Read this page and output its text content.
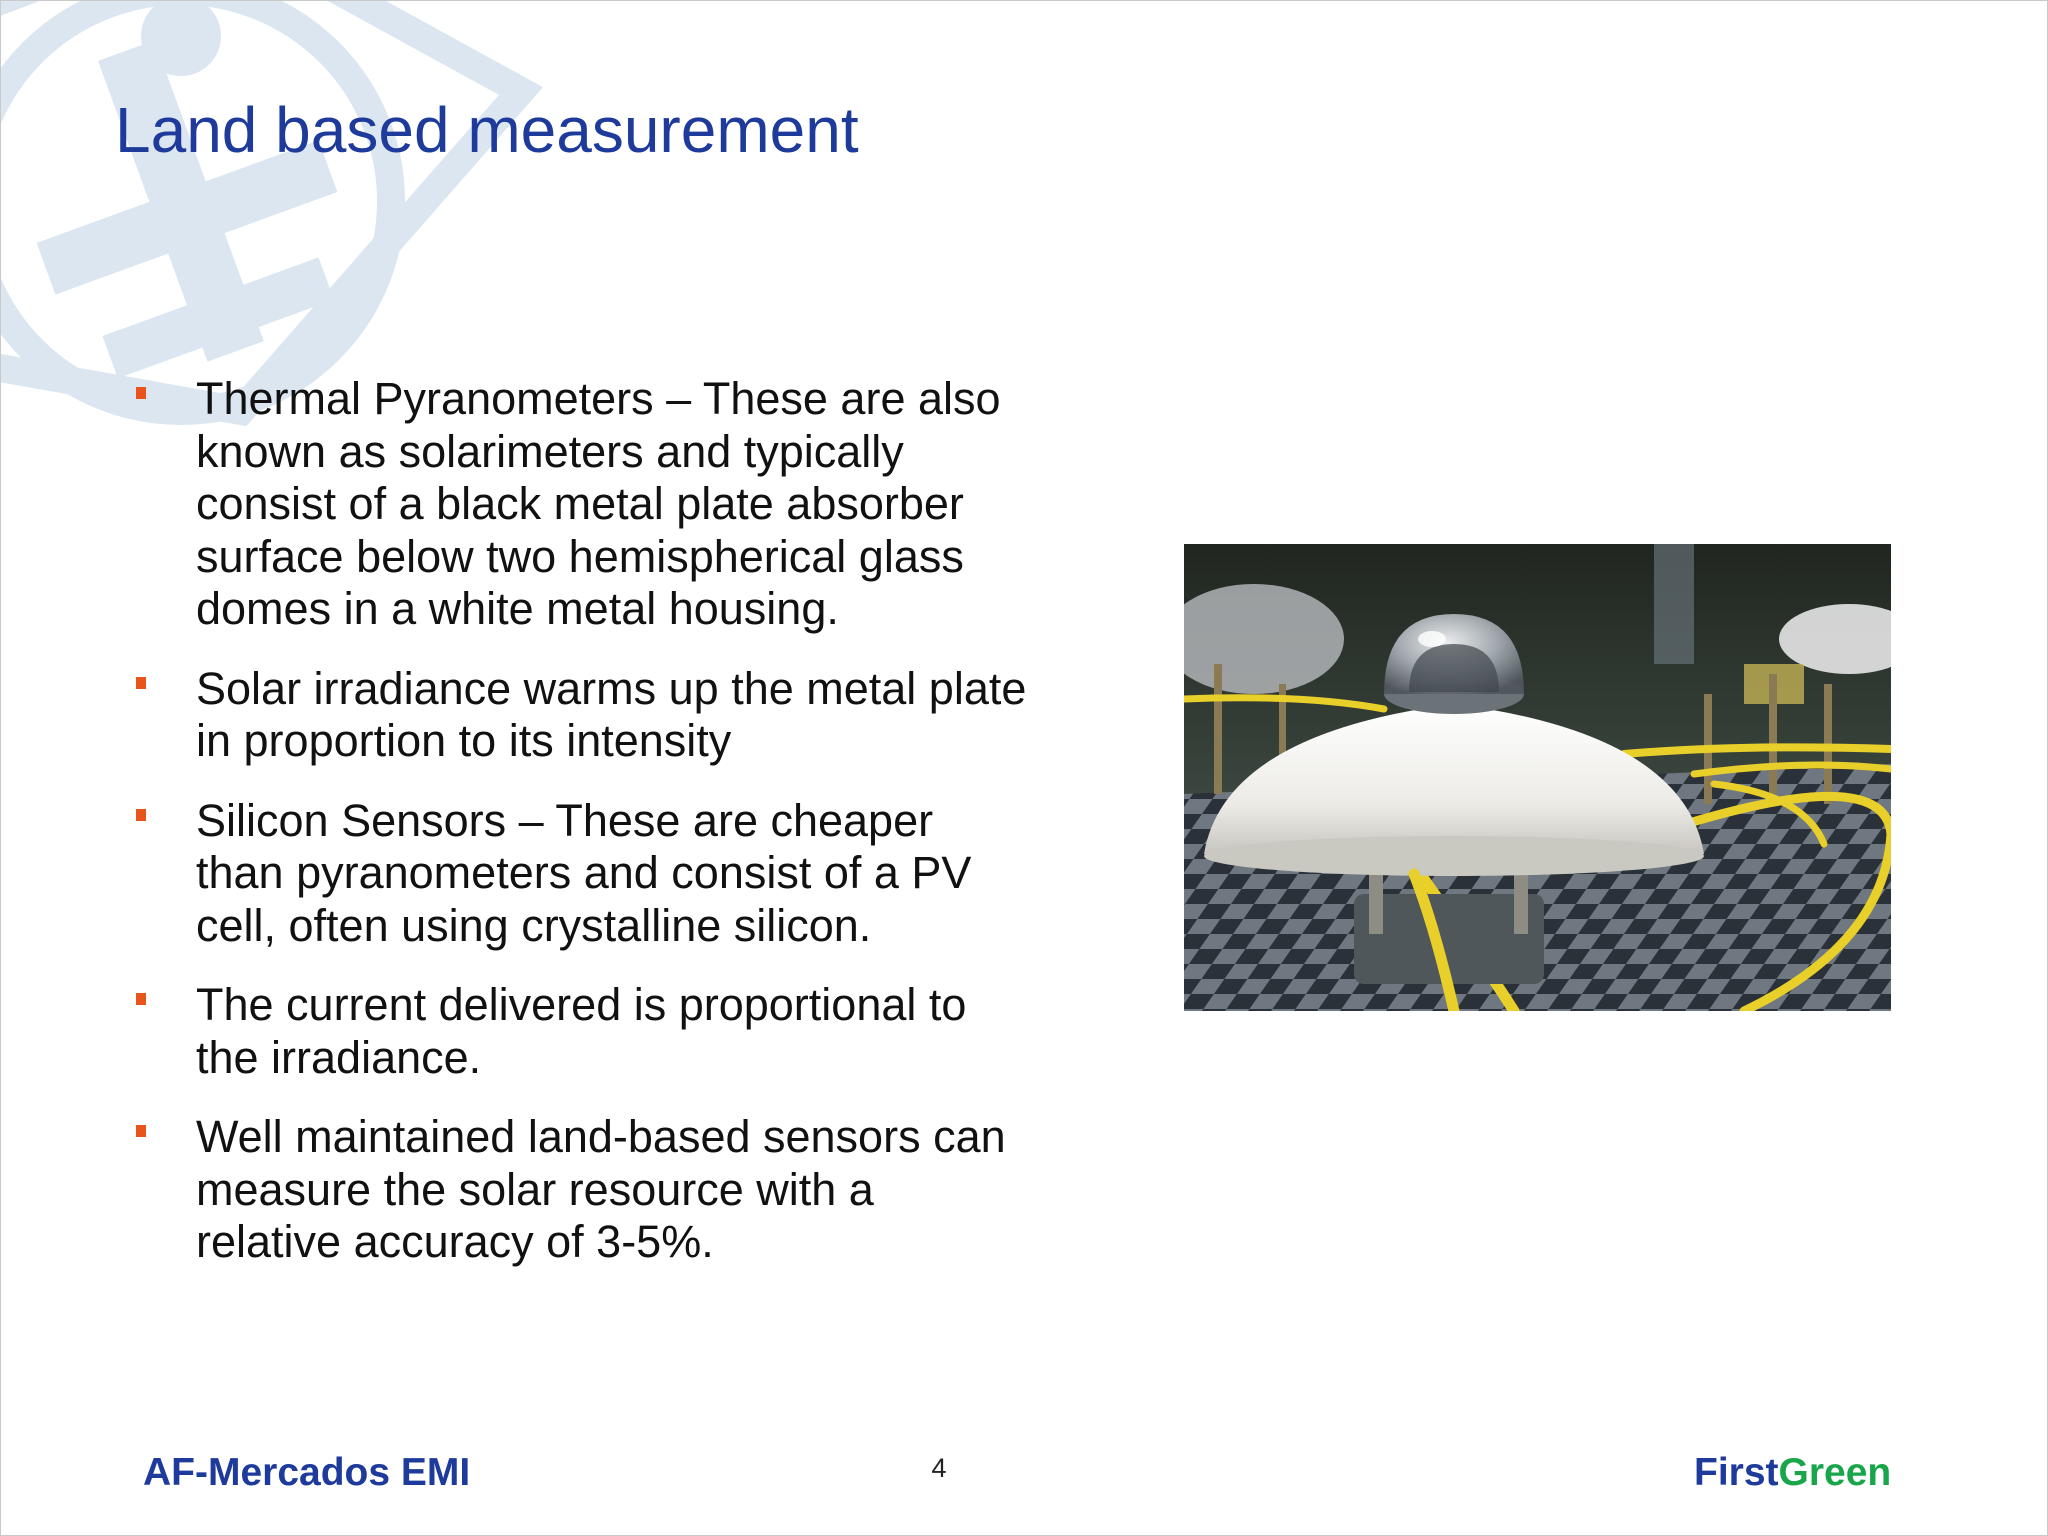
Land based measurement
Thermal Pyranometers – These are also known as solarimeters and typically consist of a black metal plate absorber surface below two hemispherical glass domes in a white metal housing.
Solar irradiance warms up the metal plate in proportion to its intensity
Silicon Sensors – These are cheaper than pyranometers and consist of a PV cell, often using crystalline silicon.
The current delivered is proportional to the irradiance.
Well maintained land-based sensors can measure the solar resource with a relative accuracy of 3-5%.
AF-Mercados EMI	4	FirstGreen
